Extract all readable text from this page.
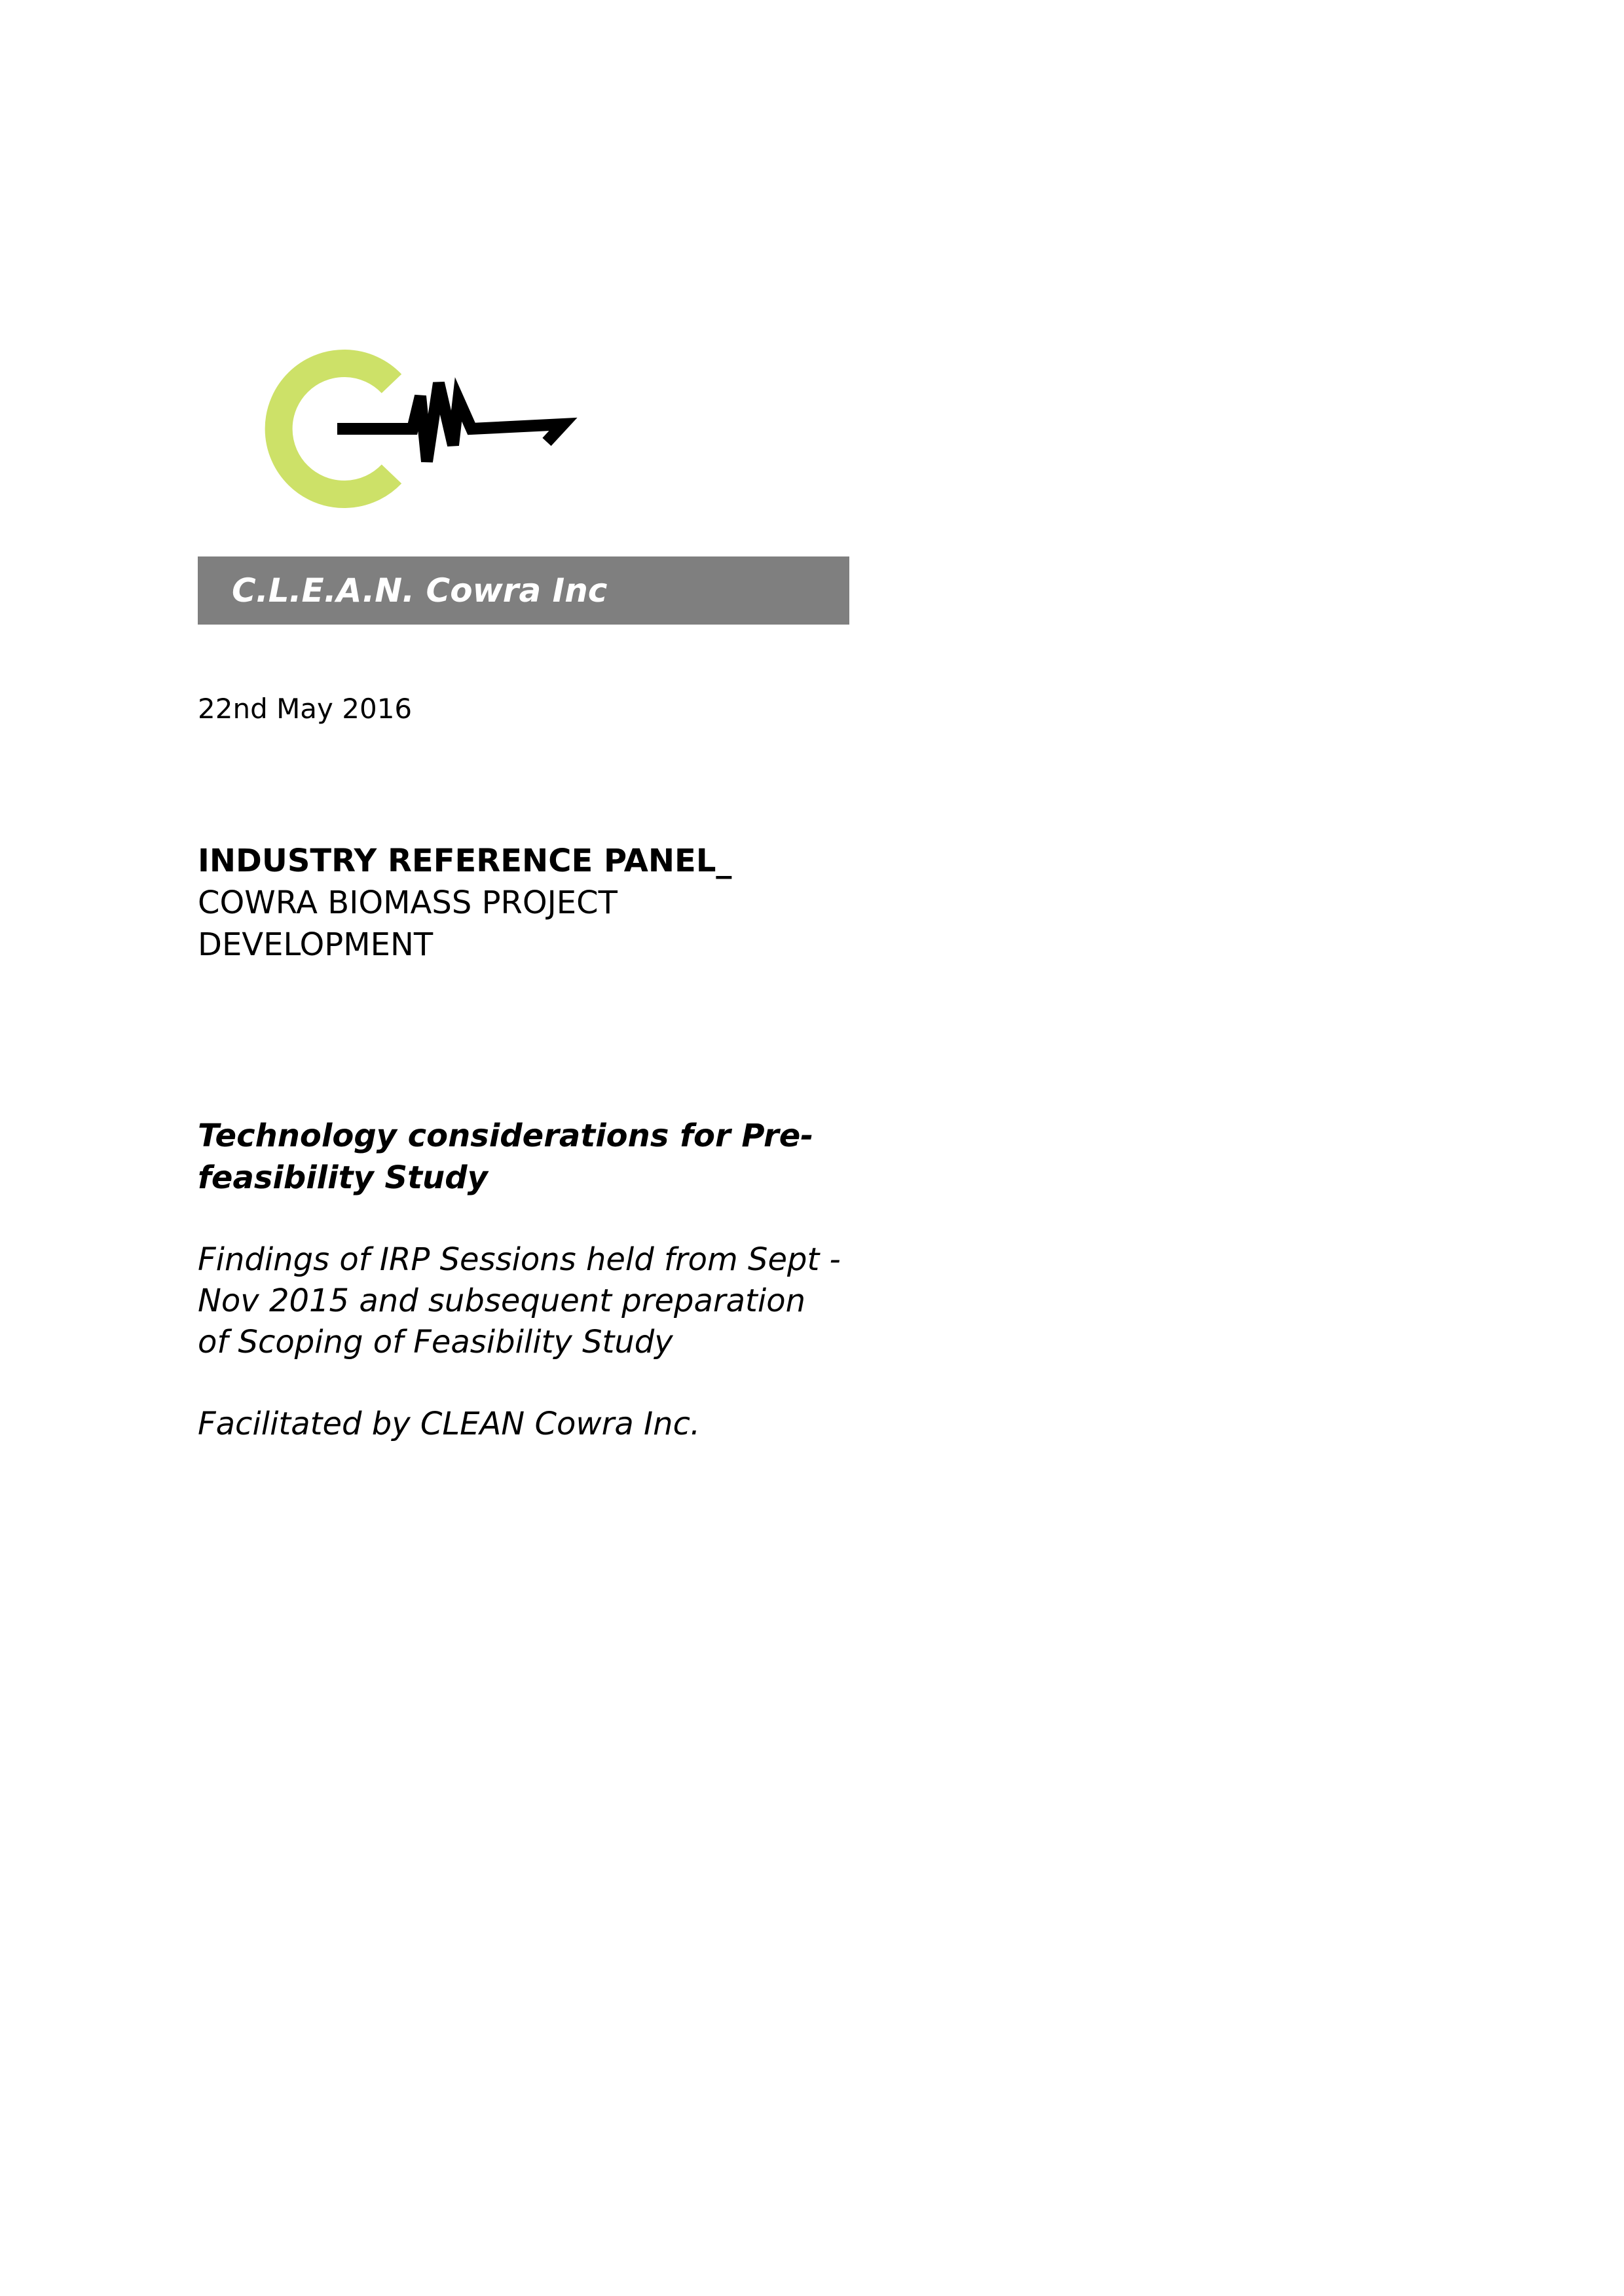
C.L.E.A.N. Cowra Inc
22nd May 2016
INDUSTRY REFERENCE PANEL_
COWRA BIOMASS PROJECT
DEVELOPMENT
Technology considerations for Pre-
feasibility Study
Findings of IRP Sessions held from Sept -
Nov 2015 and subsequent preparation
of Scoping of Feasibility Study
Facilitated by CLEAN Cowra Inc.
